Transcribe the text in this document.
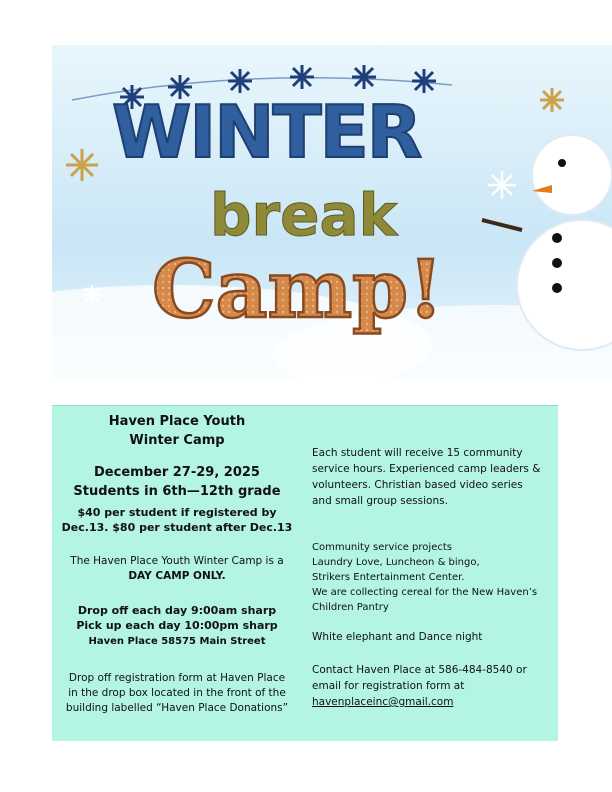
WINTER
break
Camp!
Haven Place Youth
Winter Camp
December 27-29, 2025
Students in 6th—12th grade
$40 per student if registered by
Dec.13. $80 per student after Dec.13
The Haven Place Youth Winter Camp is a
DAY CAMP ONLY.
Drop off each day 9:00am sharp
Pick up each day 10:00pm sharp
Haven Place 58575 Main Street
Drop off registration form at Haven Place
in the drop box located in the front of the
building labelled “Haven Place Donations”
Each student will receive 15 community
service hours. Experienced camp leaders &
volunteers. Christian based video series
and small group sessions.
Community service projects
Laundry Love, Luncheon & bingo,
Strikers Entertainment Center.
We are collecting cereal for the New Haven’s
Children Pantry
White elephant and Dance night
Contact Haven Place at 586-484-8540 or
email for registration form at
havenplaceinc@gmail.com
